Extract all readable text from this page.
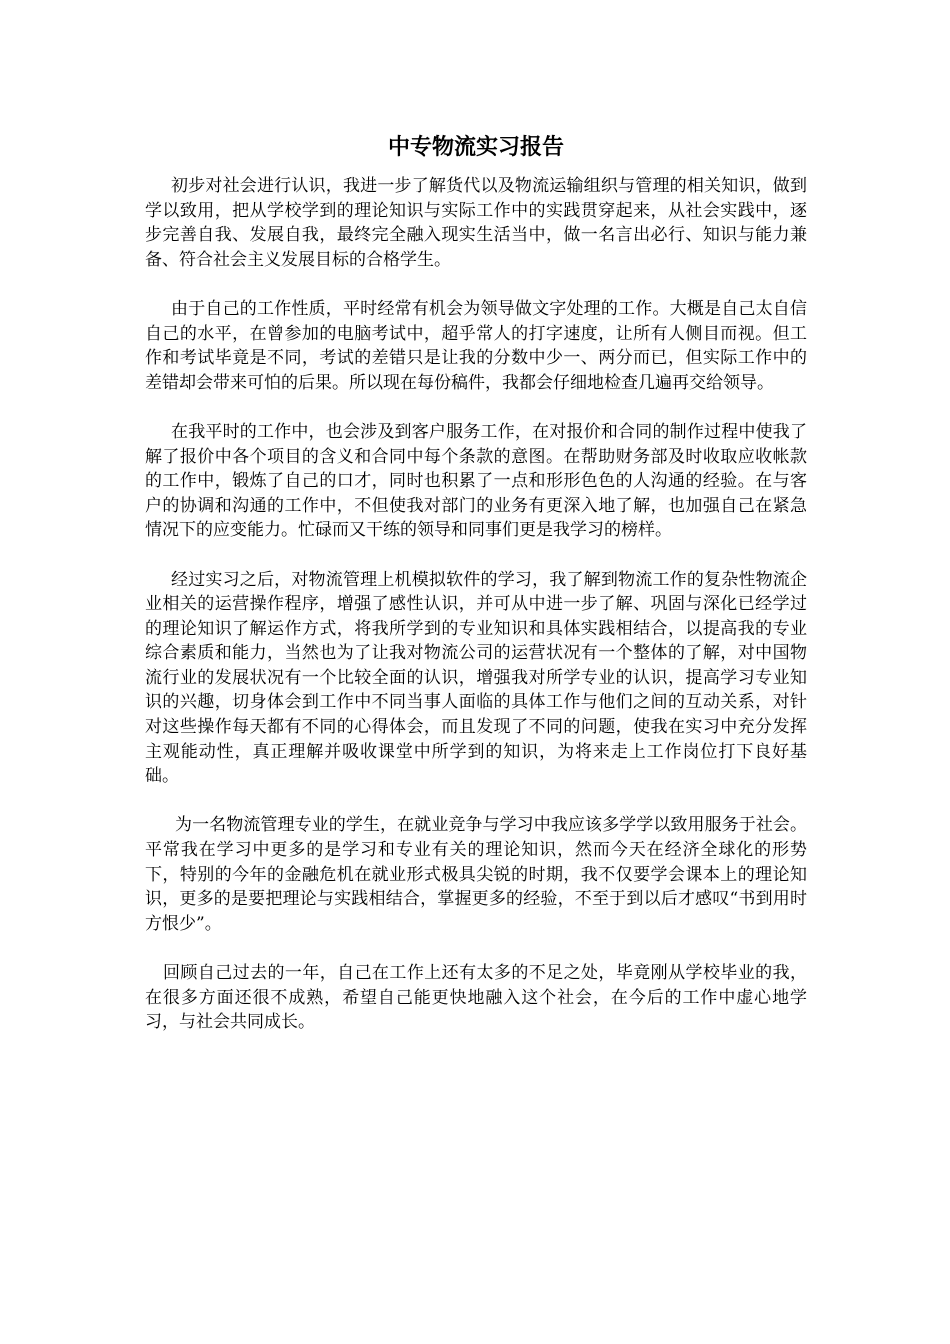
中专物流实习报告

初步对社会进行认识，我进一步了解货代以及物流运输组织与管理的相关知识，做到学以致用，把从学校学到的理论知识与实际工作中的实践贯穿起来，从社会实践中，逐步完善自我、发展自我，最终完全融入现实生活当中，做一名言出必行、知识与能力兼备、符合社会主义发展目标的合格学生。

由于自己的工作性质，平时经常有机会为领导做文字处理的工作。大概是自己太自信自己的水平，在曾参加的电脑考试中，超乎常人的打字速度，让所有人侧目而视。但工作和考试毕竟是不同，考试的差错只是让我的分数中少一、两分而已，但实际工作中的差错却会带来可怕的后果。所以现在每份稿件，我都会仔细地检查几遍再交给领导。

在我平时的工作中，也会涉及到客户服务工作，在对报价和合同的制作过程中使我了解了报价中各个项目的含义和合同中每个条款的意图。在帮助财务部及时收取应收帐款的工作中，锻炼了自己的口才，同时也积累了一点和形形色色的人沟通的经验。在与客户的协调和沟通的工作中，不但使我对部门的业务有更深入地了解，也加强自己在紧急情况下的应变能力。忙碌而又干练的领导和同事们更是我学习的榜样。

经过实习之后，对物流管理上机模拟软件的学习，我了解到物流工作的复杂性物流企业相关的运营操作程序，增强了感性认识，并可从中进一步了解、巩固与深化已经学过的理论知识了解运作方式，将我所学到的专业知识和具体实践相结合，以提高我的专业综合素质和能力，当然也为了让我对物流公司的运营状况有一个整体的了解，对中国物流行业的发展状况有一个比较全面的认识，增强我对所学专业的认识，提高学习专业知识的兴趣，切身体会到工作中不同当事人面临的具体工作与他们之间的互动关系，对针对这些操作每天都有不同的心得体会，而且发现了不同的问题，使我在实习中充分发挥主观能动性，真正理解并吸收课堂中所学到的知识，为将来走上工作岗位打下良好基础。

为一名物流管理专业的学生，在就业竞争与学习中我应该多学学以致用服务于社会。平常我在学习中更多的是学习和专业有关的理论知识，然而今天在经济全球化的形势下，特别的今年的金融危机在就业形式极具尖锐的时期，我不仅要学会课本上的理论知识，更多的是要把理论与实践相结合，掌握更多的经验，不至于到以后才感叹“书到用时方恨少”。

回顾自己过去的一年，自己在工作上还有太多的不足之处，毕竟刚从学校毕业的我，在很多方面还很不成熟，希望自己能更快地融入这个社会，在今后的工作中虚心地学习，与社会共同成长。
